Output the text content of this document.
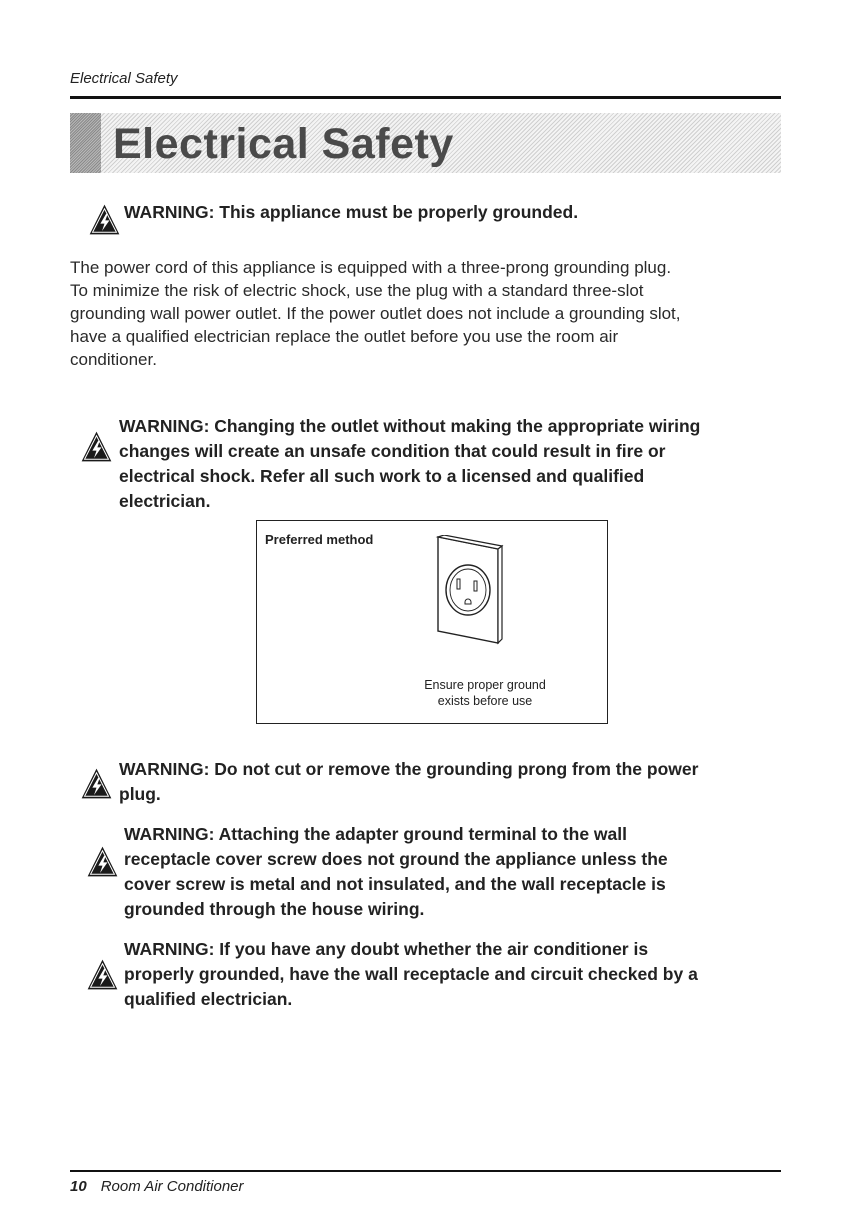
Electrical Safety
Electrical Safety
WARNING: This appliance must be properly grounded.
The power cord of this appliance is equipped with a three-prong grounding plug.
To minimize the risk of electric shock, use the plug with a standard three-slot
grounding wall power outlet. If the power outlet does not include a grounding slot,
have a qualified electrician replace the outlet before you use the room air
conditioner.
WARNING: Changing the outlet without making the appropriate wiring
changes will create an unsafe condition that could result in fire or
electrical shock. Refer all such work to a licensed and qualified
electrician.
Preferred method
Ensure proper ground
exists before use
WARNING: Do not cut or remove the grounding prong from the power
plug.
WARNING: Attaching the adapter ground terminal to the wall
receptacle cover screw does not ground the appliance unless the
cover screw is metal and not insulated, and the wall receptacle is
grounded through the house wiring.
WARNING: If you have any doubt whether the air conditioner is
properly grounded, have the wall receptacle and circuit checked by a
qualified electrician.
10 Room Air Conditioner
